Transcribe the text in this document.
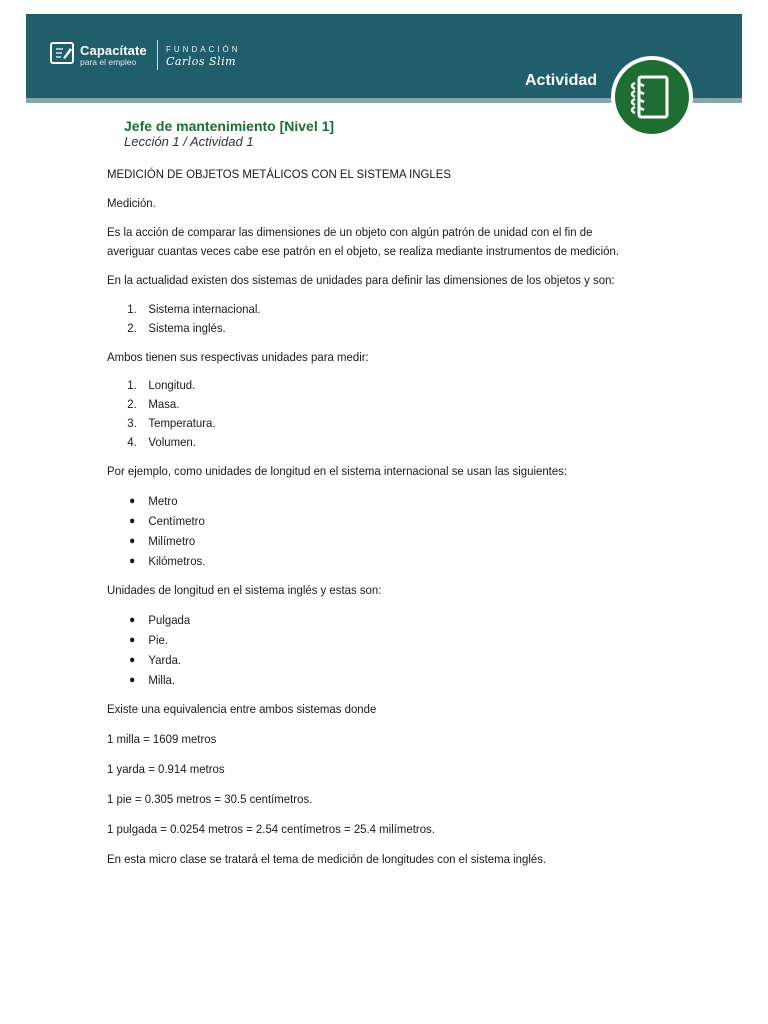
Capacítate
para el empleo
FUNDACIÓN
Carlos Slim
Actividad
Jefe de mantenimiento [Nivel 1]
Lección 1 / Actividad 1

MEDICIÓN DE OBJETOS METÁLICOS CON EL SISTEMA INGLES

Medición.

Es la acción de comparar las dimensiones de un objeto con algún patrón de unidad con el fin de averiguar cuantas veces cabe ese patrón en el objeto, se realiza mediante instrumentos de medición.

En la actualidad existen dos sistemas de unidades para definir las dimensiones de los objetos y son:

1. Sistema internacional.
2. Sistema inglés.

Ambos tienen sus respectivas unidades para medir:

1. Longitud.
2. Masa.
3. Temperatura.
4. Volumen.

Por ejemplo, como unidades de longitud en el sistema internacional se usan las siguientes:

● Metro
● Centímetro
● Milímetro
● Kilómetros.

Unidades de longitud en el sistema inglés y estas son:

● Pulgada
● Pie.
● Yarda.
● Milla.

Existe una equivalencia entre ambos sistemas donde

1 milla = 1609 metros

1 yarda = 0.914 metros

1 pie = 0.305 metros = 30.5 centímetros.

1 pulgada = 0.0254 metros = 2.54 centímetros = 25.4 milímetros.

En esta micro clase se tratará el tema de medición de longitudes con el sistema inglés.
